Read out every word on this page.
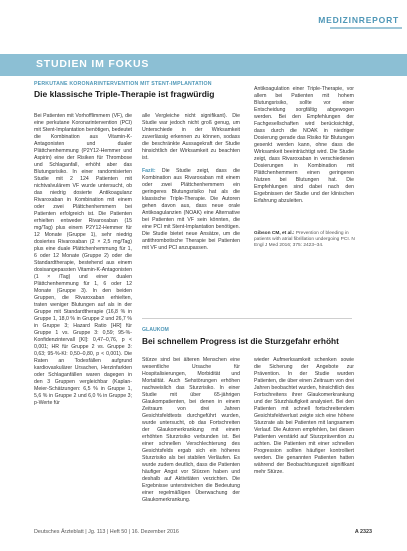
MEDIZINREPORT
STUDIEN IM FOKUS
PERKUTANE KORONARINTERVENTION MIT STENT-IMPLANTATION
Die klassische Triple-Therapie ist fragwürdig

Bei Patienten mit Vorhofflimmern (VF), die eine perkutane Koronarintervention (PCI) mit Stent-Implantation benötigen, bedeutet die Kombination aus Vitamin-K-Antagonisten und dualer Plättchenhemmung (P2Y12-Hemmer und Aspirin) eine der Risiken für Thrombose und Schlaganfall, erhöht aber das Blutungsrisiko. In einer randomisierten Studie mit 2 124 Patienten mit nichtvalvulärem VF wurde untersucht, ob das niedrig dosierte Antikoagulanz Rivaroxaban in Kombination mit einem oder zwei Plättchenhemmern bei Patienten erfolgreich ist. Die Patienten erhielten entweder Rivaroxaban (15 mg/Tag) plus einem P2Y12-Hemmer für 12 Monate (Gruppe 1), sehr niedrig dosiertes Rivaroxaban (2 × 2,5 mg/Tag) plus eine duale Plättchenhemmung für 1, 6 oder 12 Monate (Gruppe 2) oder die Standardtherapie, bestehend aus einem dosisangepassten Vitamin-K-Antagonisten (1 × /Tag) und einer dualen Plättchenhemmung für 1, 6 oder 12 Monate (Gruppe 3). In den beiden Gruppen, die Rivaroxaban erhielten, traten weniger Blutungen auf als in der Gruppe mit Standardtherapie (16,8 % in Gruppe 1, 18,0 % in Gruppe 2 und 26,7 % in Gruppe 3; Hazard Ratio [HR] für Gruppe 1 vs. Gruppe 3: 0,59; 95-%-Konfidenzintervall [KI]: 0,47–0,76, p < 0,001; HR für Gruppe 2 vs. Gruppe 3: 0,63; 95-%-KI: 0,50–0,80, p < 0,001). Die Raten an Todesfällen aufgrund kardiovaskulärer Ursachen, Herzinfarkten oder Schlaganfällen waren dagegen in den 3 Gruppen vergleichbar (Kaplan-Meier-Schätzungen: 6,5 % in Gruppe 1, 5,6 % in Gruppe 2 und 6,0 % in Gruppe 3; p-Werte für

alle Vergleiche nicht signifikant). Die Studie war jedoch nicht groß genug, um Unterschiede in der Wirksamkeit zuverlässig erkennen zu können, sodass die beschränkte Aussagekraft der Studie hinsichtlich der Wirksamkeit zu beachten ist.

Fazit: Die Studie zeigt, dass die Kombination aus Rivaroxaban mit einem oder zwei Plättchenhemmern ein geringeres Blutungsrisiko hat als die klassische Triple-Therapie. Die Autoren gehen davon aus, dass neue orale Antikoagulanzien (NOAK) eine Alternative bei Patienten mit VF sein könnten, die eine PCI mit Stent-Implantation benötigen. Die Studie bietet neue Ansätze, um die antithrombotische Therapie bei Patienten mit VF und PCI anzupassen.

Antikoagulation einer Triple-Therapie, vor allem bei Patienten mit hohem Blutungsrisiko, sollte vor einer Entscheidung sorgfältig abgewogen werden. Bei den Empfehlungen der Fachgesellschaften wird berücksichtigt, dass durch die NOAK in niedriger Dosierung gerade das Risiko für Blutungen gesenkt werden kann, ohne dass die Wirksamkeit beeinträchtigt wird. Die Studie zeigt, dass Rivaroxaban in verschiedenen Dosierungen in Kombination mit Plättchenhemmern einen geringeren Nutzen bei Blutungen hat. Die Empfehlungen sind dabei nach den Ergebnissen der Studie und der klinischen Erfahrung abzuleiten.

Gibson CM, et al.: Prevention of bleeding in patients with atrial fibrillation undergoing PCI. N Engl J Med 2016; 375: 2423–34.
GLAUKOM
Bei schnellem Progress ist die Sturzgefahr erhöht

Stürze sind bei älteren Menschen eine wesentliche Ursache für Hospitalisierungen, Morbidität und Mortalität. Auch Sehstörungen erhöhen nachweislich das Sturzrisiko. In einer Studie mit über 65-jährigen Glaukompatienten, bei denen in einem Zeitraum von drei Jahren Gesichtsfeldtests durchgeführt wurden, wurde untersucht, ob das Fortschreiten der Glaukomerkrankung mit einem erhöhten Sturzrisiko verbunden ist. Bei einer schnellen Verschlechterung des Gesichtsfelds ergab sich ein höheres Sturzrisiko als bei stabilen Verläufen. Es wurde zudem deutlich, dass die Patienten häufiger Angst vor Stürzen haben und deshalb auf Aktivitäten verzichten. Die Ergebnisse unterstreichen die Bedeutung einer regelmäßigen Überwachung der Glaukomerkrankung.

wieder Aufmerksamkeit schenken sowie die Sicherung der Angebote zur Prävention. In der Studie wurden Patienten, die über einen Zeitraum von drei Jahren beobachtet wurden, hinsichtlich des Fortschreitens ihrer Glaukomerkrankung und der Sturzhäufigkeit analysiert. Bei den Patienten mit schnell fortschreitendem Gesichtsfeldverlust zeigte sich eine höhere Sturzrate als bei Patienten mit langsamem Verlauf. Die Autoren empfehlen, bei diesen Patienten verstärkt auf Sturzprävention zu achten. Die Patienten mit einer schnellen Progression sollten häufiger kontrolliert werden. Die genannten Patienten hatten während der Beobachtungszeit signifikant mehr Stürze.

Deutsches Ärzteblatt | Jg. 113 | Heft 50 | 16. Dezember 2016	A 2323
